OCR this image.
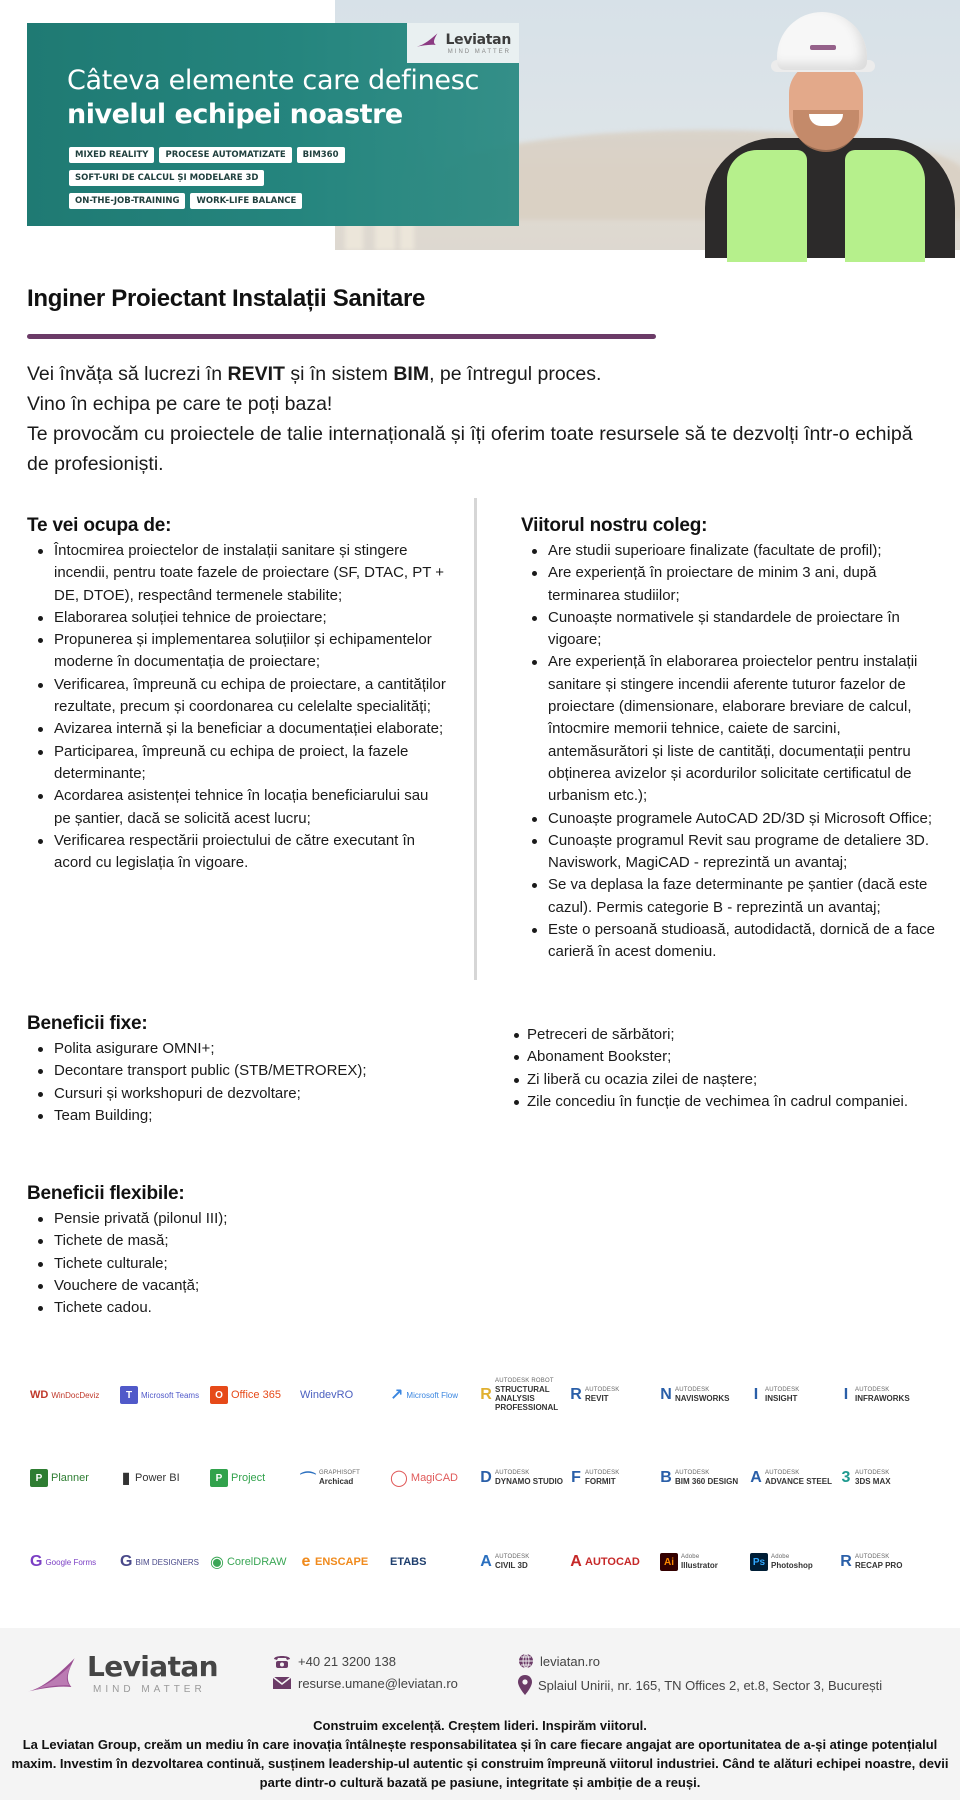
Leviatan
MIND MATTER
Câteva elemente care definesc
nivelul echipei noastre
MIXED REALITY	PROCESE AUTOMATIZATE	BIM360
SOFT-URI DE CALCUL ȘI MODELARE 3D
ON-THE-JOB-TRAINING	WORK-LIFE BALANCE
Inginer Proiectant Instalații Sanitare

Vei învăța să lucrezi în REVIT și în sistem BIM, pe întregul proces.

Vino în echipa pe care te poți baza!

Te provocăm cu proiectele de talie internațională și îți oferim toate resursele să te dezvolți într-o echipă de profesioniști.

Te vei ocupa de:
Întocmirea proiectelor de instalații sanitare și stingere incendii, pentru toate fazele de proiectare (SF, DTAC, PT + DE, DTOE), respectând termenele stabilite;
Elaborarea soluției tehnice de proiectare;
Propunerea și implementarea soluțiilor și echipamentelor moderne în documentația de proiectare;
Verificarea, împreună cu echipa de proiectare, a cantităților rezultate, precum și coordonarea cu celelalte specialități;
Avizarea internă și la beneficiar a documentației elaborate;
Participarea, împreună cu echipa de proiect, la fazele determinante;
Acordarea asistenței tehnice în locația beneficiarului sau pe șantier, dacă se solicită acest lucru;
Verificarea respectării proiectului de către executant în acord cu legislația în vigoare.
Viitorul nostru coleg:
Are studii superioare finalizate (facultate de profil);
Are experiență în proiectare de minim 3 ani, după terminarea studiilor;
Cunoaște normativele și standardele de proiectare în vigoare;
Are experiență în elaborarea proiectelor pentru instalații sanitare și stingere incendii aferente tuturor fazelor de proiectare (dimensionare, elaborare breviare de calcul, întocmire memorii tehnice, caiete de sarcini, antemăsurători și liste de cantități, documentații pentru obținerea avizelor și acordurilor solicitate certificatul de urbanism etc.);
Cunoaște programele AutoCAD 2D/3D și Microsoft Office;
Cunoaște programul Revit sau programe de detaliere 3D. Naviswork, MagiCAD - reprezintă un avantaj;
Se va deplasa la faze determinante pe șantier (dacă este cazul). Permis categorie B - reprezintă un avantaj;
Este o persoană studioasă, autodidactă, dornică de a face carieră în acest domeniu.
Beneficii fixe:
Polita asigurare OMNI+;
Decontare transport public (STB/METROREX);
Cursuri și workshopuri de dezvoltare;
Team Building;
Petreceri de sărbători;
Abonament Bookster;
Zi liberă cu ocazia zilei de naștere;
Zile concediu în funcție de vechimea în cadrul companiei.
Beneficii flexibile:
Pensie privată (pilonul III);
Tichete de masă;
Tichete culturale;
Vouchere de vacanță;
Tichete cadou.
WD WinDocDeviz	T	Microsoft Teams	O Office 365	WindevRO	↗ Microsoft Flow	R
AUTODESK ROBOT
STRUCTURAL ANALYSIS PROFESSIONAL
R AUTODESK
REVIT	N AUTODESK
NAVISWORKS	I	AUTODESK
INSIGHT	I	AUTODESK
INFRAWORKS
P Planner	▮ Power BI	P Project	⌒ GRAPHISOFT
Archicad	◯ MagiCAD	D AUTODESK
DYNAMO STUDIO F AUTODESK
FORMIT	B AUTODESK
BIM 360 DESIGN A AUTODESK
ADVANCE STEEL 3 AUTODESK
3DS MAX
G Google Forms	G BIM DESIGNERS ◉ CorelDRAW e ENSCAPE	ETABS	A AUTODESK
CIVIL 3D	A AUTOCAD	Ai	Adobe
Illustrator	Ps Adobe
Photoshop	R AUTODESK
RECAP PRO
Leviatan
MIND MATTER
+40 21 3200 138
resurse.umane@leviatan.ro
leviatan.ro
Splaiul Unirii, nr. 165, TN Offices 2, et.8, Sector 3, București
Construim excelență. Creștem lideri. Inspirăm viitorul.
La Leviatan Group, creăm un mediu în care inovația întâlnește responsabilitatea și în care fiecare angajat are oportunitatea de a-și atinge potențialul maxim. Investim în dezvoltarea continuă, susținem leadership-ul autentic și construim împreună viitorul industriei. Când te alături echipei noastre, devii parte dintr-o cultură bazată pe pasiune, integritate și ambiție de a reuși.
